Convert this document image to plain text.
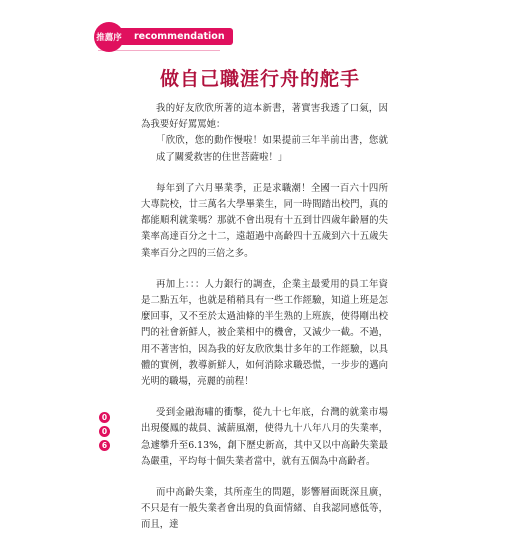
推薦序	recommendation
做自己職涯行舟的舵手

我的好友欣欣所著的這本新書，著實害我透了口氣，因為我要好好罵罵她：

「欣欣，您的動作慢啦！如果提前三年半前出書，您就成了關愛救害的住世菩薩啦！」

每年到了六月畢業季，正是求職潮！全國一百六十四所大專院校，廿三萬名大學畢業生，同一時間踏出校門，真的都能順利就業嗎？那就不會出現有十五到廿四歲年齡層的失業率高達百分之十二，遠超過中高齡四十五歲到六十五歲失業率百分之四的三倍之多。

再加上：：：人力銀行的調查，企業主最愛用的員工年資是二點五年，也就是稍稍具有一些工作經驗，知道上班是怎麼回事，又不至於太過油條的半生熟的上班族，使得剛出校門的社會新鮮人，被企業相中的機會，又減少一截。不過，用不著害怕，因為我的好友欣欣集廿多年的工作經驗，以具體的實例，教導新鮮人，如何消除求職恐慌，一步步的邁向光明的職場，亮麗的前程！

受到金融海嘯的衝擊，從九十七年底，台灣的就業市場出現優鳳的裁員、減薪風潮，使得九十八年八月的失業率，急遽攀升至6.13%，創下歷史新高，其中又以中高齡失業最為嚴重，平均每十個失業者當中，就有五個為中高齡者。

而中高齡失業，其所產生的問題，影響層面既深且廣，不只是有一般失業者會出現的負面情緒、自我認同感低等，而且，達

0
0
6
